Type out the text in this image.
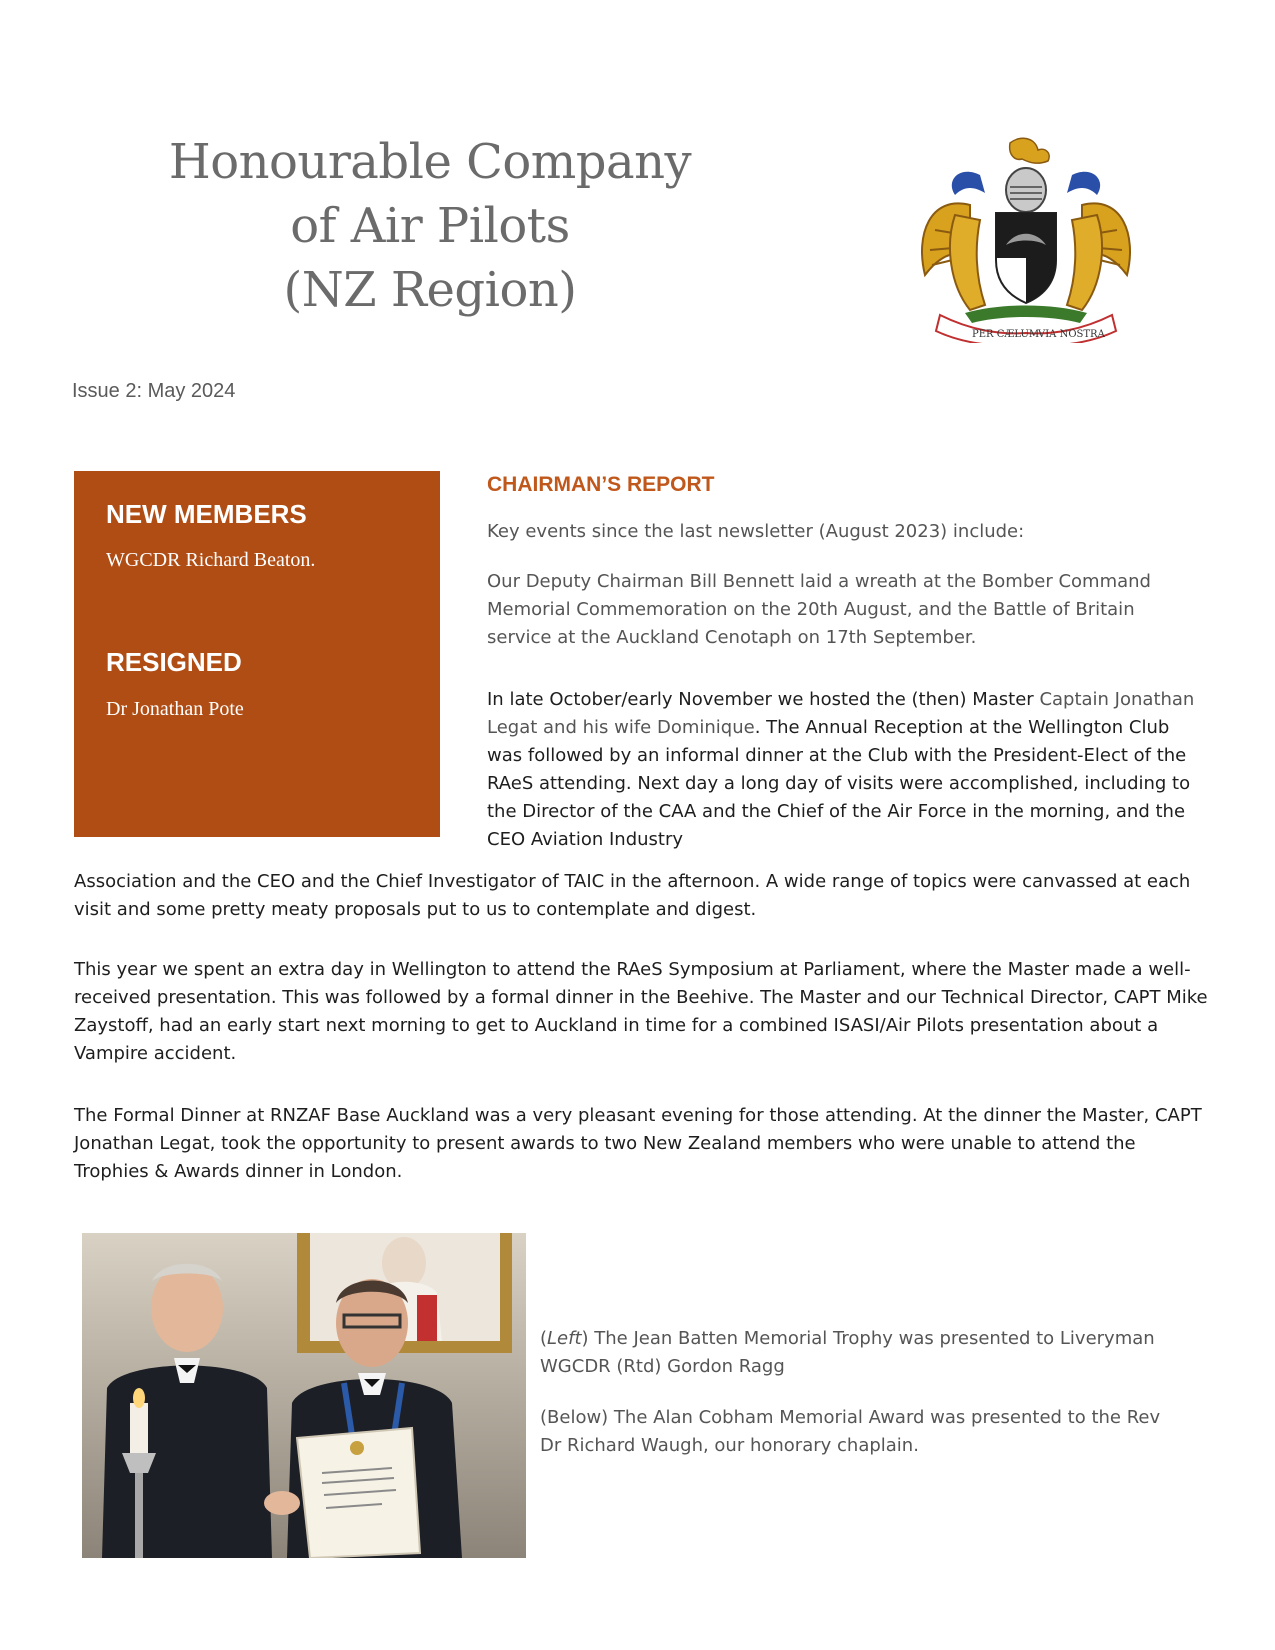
Honourable Company
of Air Pilots
(NZ Region)
PER CÆLUM
VIA NOSTRA
Issue 2: May 2024
NEW MEMBERS
WGCDR Richard Beaton.
RESIGNED
Dr Jonathan Pote
CHAIRMAN’S REPORT

Key events since the last newsletter (August 2023) include:

Our Deputy Chairman Bill Bennett laid a wreath at the Bomber Command Memorial Commemoration on the 20th August, and the Battle of Britain service at the Auckland Cenotaph on 17th September.

In late October/early November we hosted the (then) Master Captain Jonathan Legat and his wife Dominique. The Annual Reception at the Wellington Club was followed by an informal dinner at the Club with the President-Elect of the RAeS attending. Next day a long day of visits were accomplished, including to the Director of the CAA and the Chief of the Air Force in the morning, and the CEO Aviation Industry

Association and the CEO and the Chief Investigator of TAIC in the afternoon. A wide range of topics were canvassed at each visit and some pretty meaty proposals put to us to contemplate and digest.

This year we spent an extra day in Wellington to attend the RAeS Symposium at Parliament, where the Master made a well-received presentation. This was followed by a formal dinner in the Beehive. The Master and our Technical Director, CAPT Mike Zaystoff, had an early start next morning to get to Auckland in time for a combined ISASI/Air Pilots presentation about a Vampire accident.

The Formal Dinner at RNZAF Base Auckland was a very pleasant evening for those attending. At the dinner the Master, CAPT Jonathan Legat, took the opportunity to present awards to two New Zealand members who were unable to attend the Trophies & Awards dinner in London.

(Left) The Jean Batten Memorial Trophy was presented to Liveryman WGCDR (Rtd) Gordon Ragg

(Below) The Alan Cobham Memorial Award was presented to the Rev Dr Richard Waugh, our honorary chaplain.
